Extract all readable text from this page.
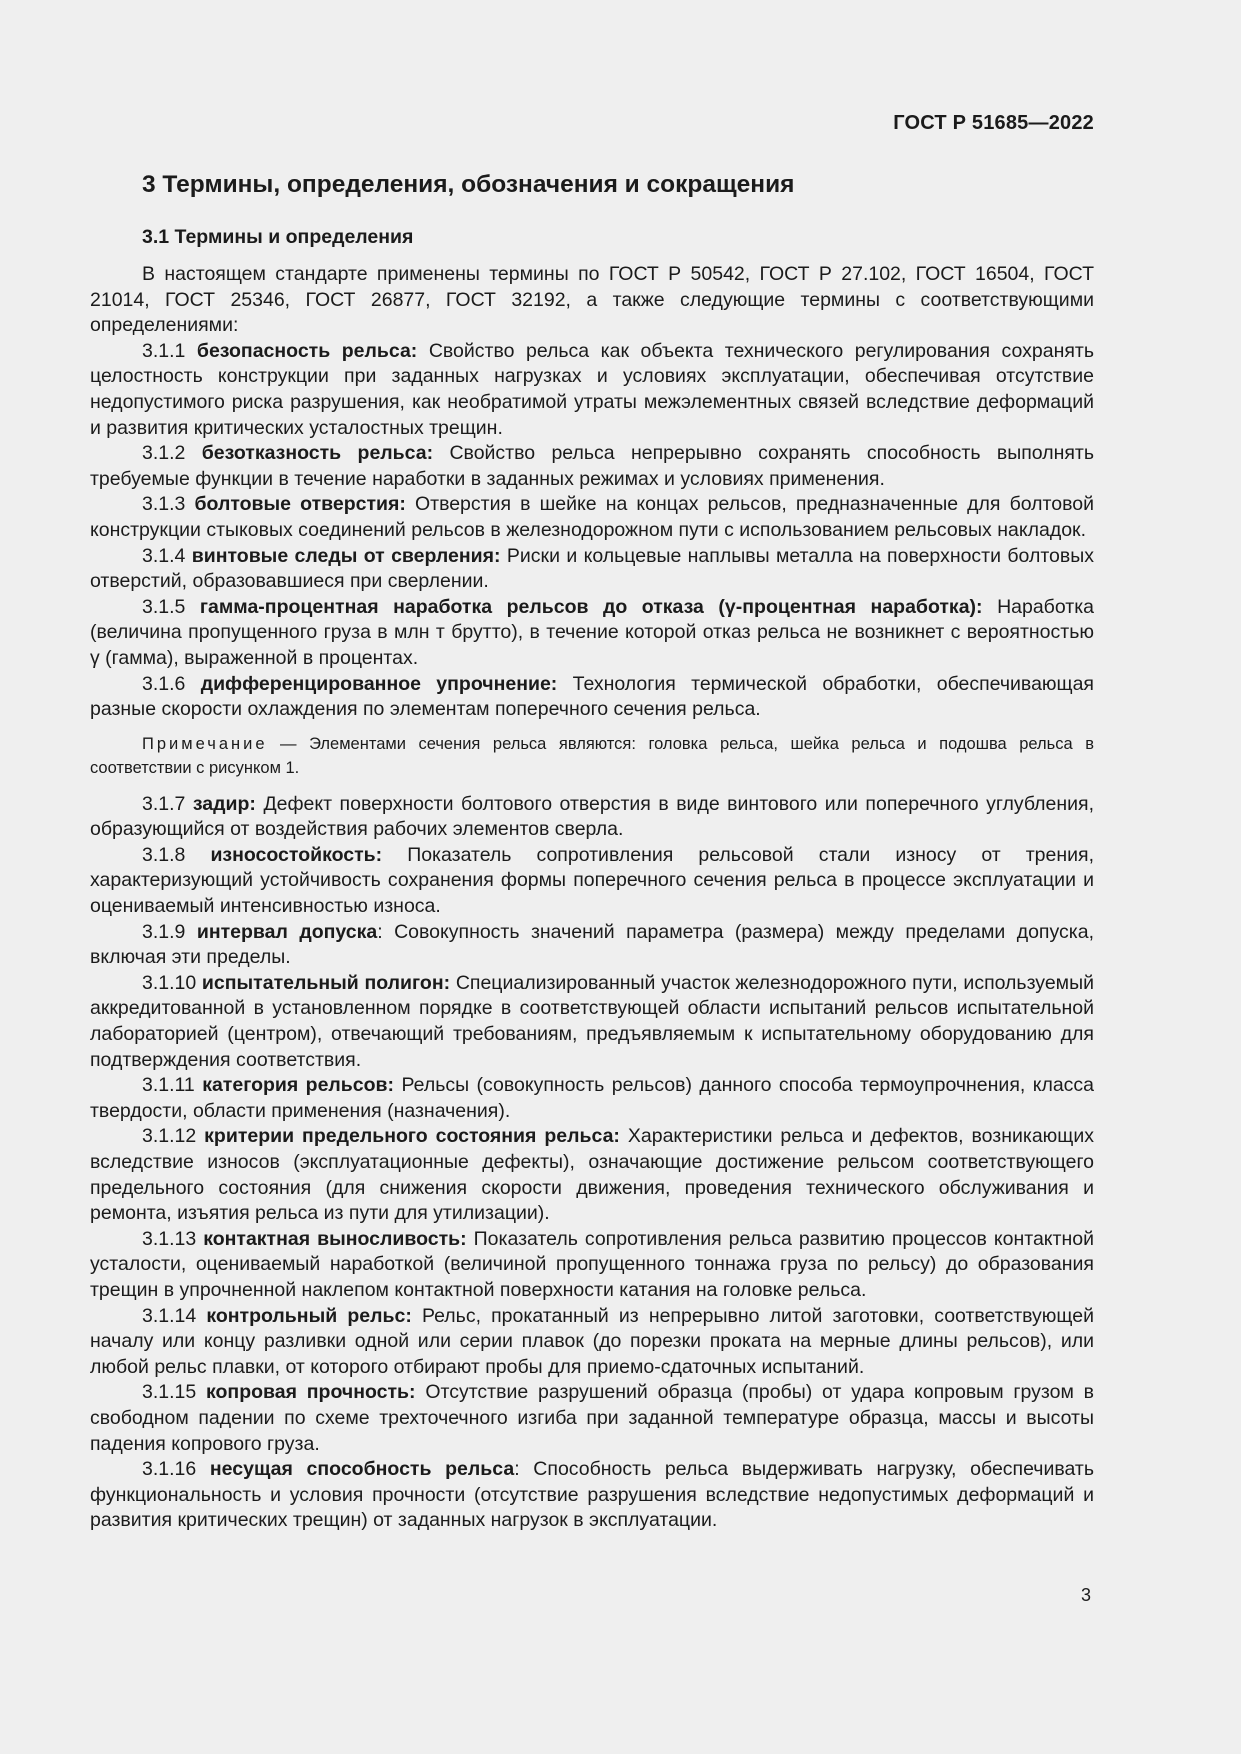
ГОСТ Р 51685—2022
3 Термины, определения, обозначения и сокращения
3.1 Термины и определения

В настоящем стандарте применены термины по ГОСТ Р 50542, ГОСТ Р 27.102, ГОСТ 16504, ГОСТ 21014, ГОСТ 25346, ГОСТ 26877, ГОСТ 32192, а также следующие термины с соответствующими определениями:

3.1.1 безопасность рельса: Свойство рельса как объекта технического регулирования сохранять целостность конструкции при заданных нагрузках и условиях эксплуатации, обеспечивая отсутствие недопустимого риска разрушения, как необратимой утраты межэлементных связей вследствие деформаций и развития критических усталостных трещин.

3.1.2 безотказность рельса: Свойство рельса непрерывно сохранять способность выполнять требуемые функции в течение наработки в заданных режимах и условиях применения.

3.1.3 болтовые отверстия: Отверстия в шейке на концах рельсов, предназначенные для болтовой конструкции стыковых соединений рельсов в железнодорожном пути с использованием рельсовых накладок.

3.1.4 винтовые следы от сверления: Риски и кольцевые наплывы металла на поверхности болтовых отверстий, образовавшиеся при сверлении.

3.1.5 гамма-процентная наработка рельсов до отказа (γ-процентная наработка): Наработка (величина пропущенного груза в млн т брутто), в течение которой отказ рельса не возникнет с вероятностью γ (гамма), выраженной в процентах.

3.1.6 дифференцированное упрочнение: Технология термической обработки, обеспечивающая разные скорости охлаждения по элементам поперечного сечения рельса.

Примечание — Элементами сечения рельса являются: головка рельса, шейка рельса и подошва рельса в соответствии с рисунком 1.

3.1.7 задир: Дефект поверхности болтового отверстия в виде винтового или поперечного углубления, образующийся от воздействия рабочих элементов сверла.

3.1.8 износостойкость: Показатель сопротивления рельсовой стали износу от трения, характеризующий устойчивость сохранения формы поперечного сечения рельса в процессе эксплуатации и оцениваемый интенсивностью износа.

3.1.9 интервал допуска: Совокупность значений параметра (размера) между пределами допуска, включая эти пределы.

3.1.10 испытательный полигон: Специализированный участок железнодорожного пути, используемый аккредитованной в установленном порядке в соответствующей области испытаний рельсов испытательной лабораторией (центром), отвечающий требованиям, предъявляемым к испытательному оборудованию для подтверждения соответствия.

3.1.11 категория рельсов: Рельсы (совокупность рельсов) данного способа термоупрочнения, класса твердости, области применения (назначения).

3.1.12 критерии предельного состояния рельса: Характеристики рельса и дефектов, возникающих вследствие износов (эксплуатационные дефекты), означающие достижение рельсом соответствующего предельного состояния (для снижения скорости движения, проведения технического обслуживания и ремонта, изъятия рельса из пути для утилизации).

3.1.13 контактная выносливость: Показатель сопротивления рельса развитию процессов контактной усталости, оцениваемый наработкой (величиной пропущенного тоннажа груза по рельсу) до образования трещин в упрочненной наклепом контактной поверхности катания на головке рельса.

3.1.14 контрольный рельс: Рельс, прокатанный из непрерывно литой заготовки, соответствующей началу или концу разливки одной или серии плавок (до порезки проката на мерные длины рельсов), или любой рельс плавки, от которого отбирают пробы для приемо-сдаточных испытаний.

3.1.15 копровая прочность: Отсутствие разрушений образца (пробы) от удара копровым грузом в свободном падении по схеме трехточечного изгиба при заданной температуре образца, массы и высоты падения копрового груза.

3.1.16 несущая способность рельса: Способность рельса выдерживать нагрузку, обеспечивать функциональность и условия прочности (отсутствие разрушения вследствие недопустимых деформаций и развития критических трещин) от заданных нагрузок в эксплуатации.

3
